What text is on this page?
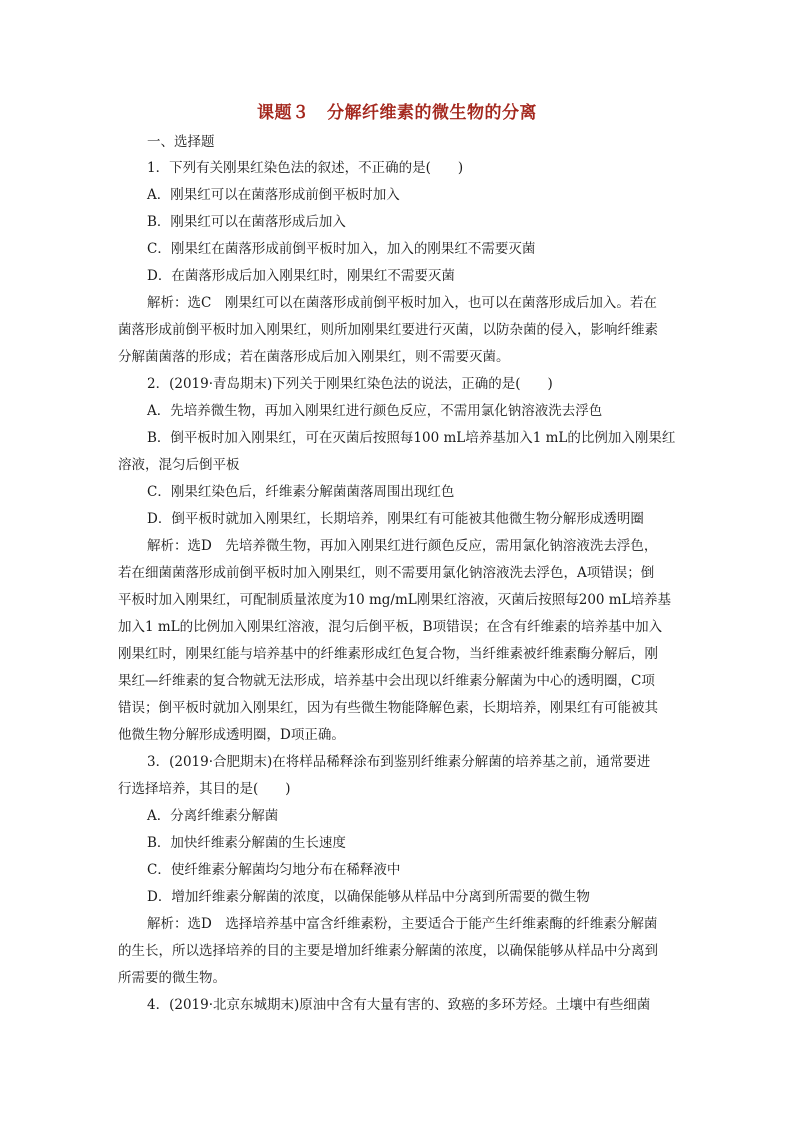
课题３　分解纤维素的微生物的分离

一、选择题

1．下列有关刚果红染色法的叙述，不正确的是(　　)

A．刚果红可以在菌落形成前倒平板时加入

B．刚果红可以在菌落形成后加入

C．刚果红在菌落形成前倒平板时加入，加入的刚果红不需要灭菌

D．在菌落形成后加入刚果红时，刚果红不需要灭菌

解析：选C　刚果红可以在菌落形成前倒平板时加入，也可以在菌落形成后加入。若在

菌落形成前倒平板时加入刚果红，则所加刚果红要进行灭菌，以防杂菌的侵入，影响纤维素

分解菌菌落的形成；若在菌落形成后加入刚果红，则不需要灭菌。

2．(2019·青岛期末)下列关于刚果红染色法的说法，正确的是(　　)

A．先培养微生物，再加入刚果红进行颜色反应，不需用氯化钠溶液洗去浮色

B．倒平板时加入刚果红，可在灭菌后按照每100 mL培养基加入1 mL的比例加入刚果红

溶液，混匀后倒平板

C．刚果红染色后，纤维素分解菌菌落周围出现红色

D．倒平板时就加入刚果红，长期培养，刚果红有可能被其他微生物分解形成透明圈

解析：选D　先培养微生物，再加入刚果红进行颜色反应，需用氯化钠溶液洗去浮色，

若在细菌菌落形成前倒平板时加入刚果红，则不需要用氯化钠溶液洗去浮色，A项错误；倒

平板时加入刚果红，可配制质量浓度为10 mg/mL刚果红溶液，灭菌后按照每200 mL培养基

加入1 mL的比例加入刚果红溶液，混匀后倒平板，B项错误；在含有纤维素的培养基中加入

刚果红时，刚果红能与培养基中的纤维素形成红色复合物，当纤维素被纤维素酶分解后，刚

果红—纤维素的复合物就无法形成，培养基中会出现以纤维素分解菌为中心的透明圈，C项

错误；倒平板时就加入刚果红，因为有些微生物能降解色素，长期培养，刚果红有可能被其

他微生物分解形成透明圈，D项正确。

3．(2019·合肥期末)在将样品稀释涂布到鉴别纤维素分解菌的培养基之前，通常要进

行选择培养，其目的是(　　)

A．分离纤维素分解菌

B．加快纤维素分解菌的生长速度

C．使纤维素分解菌均匀地分布在稀释液中

D．增加纤维素分解菌的浓度，以确保能够从样品中分离到所需要的微生物

解析：选D　选择培养基中富含纤维素粉，主要适合于能产生纤维素酶的纤维素分解菌

的生长，所以选择培养的目的主要是增加纤维素分解菌的浓度，以确保能够从样品中分离到

所需要的微生物。

4．(2019·北京东城期末)原油中含有大量有害的、致癌的多环芳烃。土壤中有些细菌
